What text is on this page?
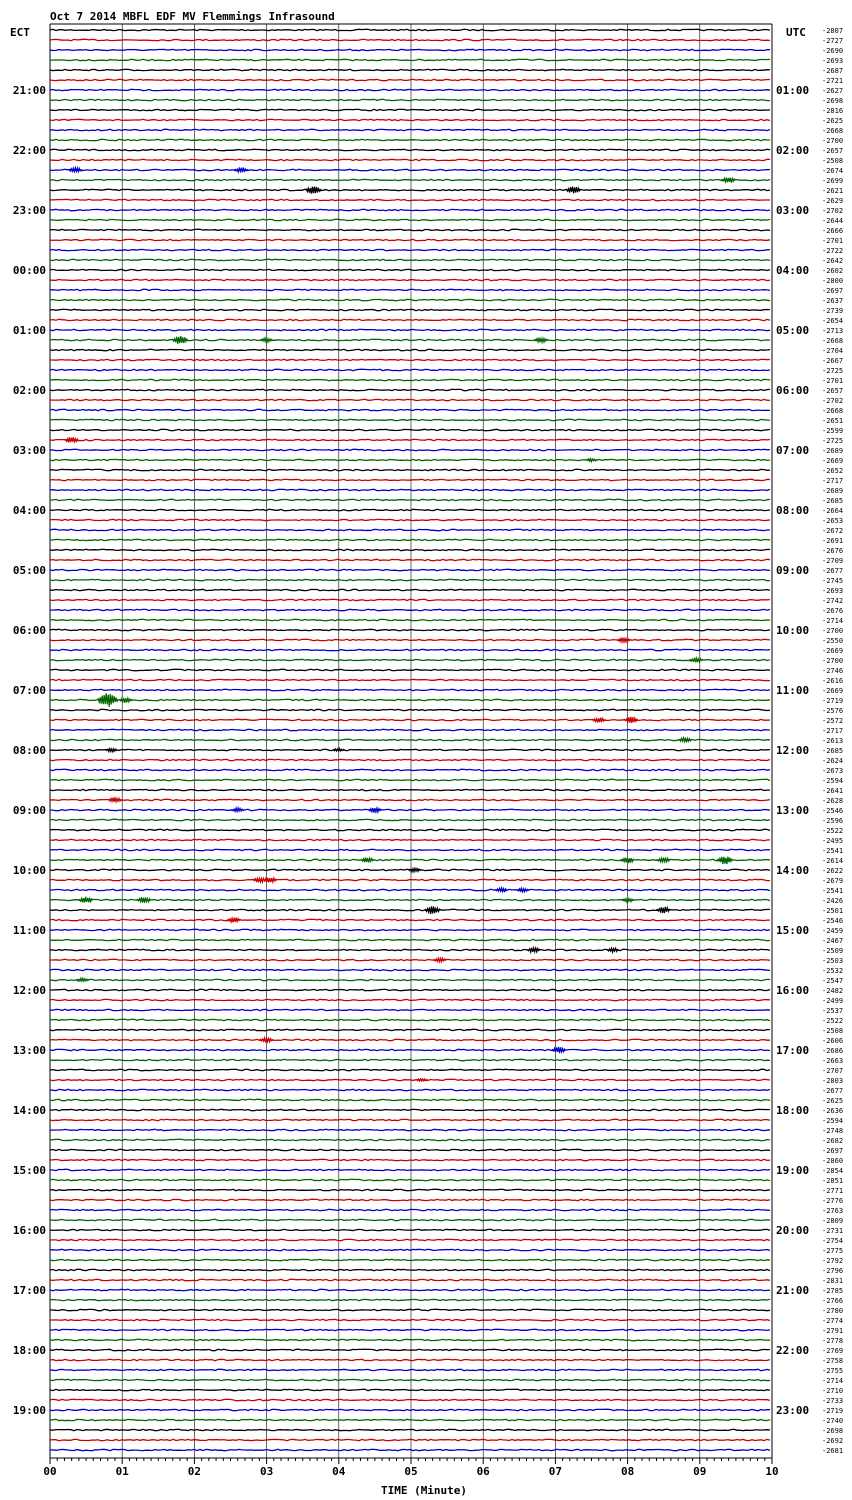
Oct 7 2014 MBFL EDF MV Flemmings Infrasound
ECT	UTC
21:00
22:00
23:00
00:00
01:00
02:00
03:00
04:00
05:00
06:00
07:00
08:00
09:00
10:00
11:00
12:00
13:00
14:00
15:00
16:00
17:00
18:00
19:00
01:00
02:00
03:00
04:00
05:00
06:00
07:00
08:00
09:00
10:00
11:00
12:00
13:00
14:00
15:00
16:00
17:00
18:00
19:00
20:00
21:00
22:00
23:00
-2807
-2727
-2690
-2693
-2687
-2721
-2627
-2698
-2816
-2625
-2668
-2700
-2657
-2508
-2674
-2699
-2621
-2629
-2702
-2644
-2666
-2701
-2722
-2642
-2602
-2800
-2697
-2637
-2739
-2654
-2713
-2668
-2704
-2667
-2725
-2701
-2657
-2702
-2668
-2651
-2599
-2725
-2689
-2669
-2652
-2717
-2689
-2685
-2664
-2653
-2672
-2691
-2676
-2709
-2677
-2745
-2693
-2742
-2676
-2714
-2700
-2550
-2669
-2700
-2746
-2616
-2669
-2719
-2576
-2572
-2717
-2613
-2685
-2624
-2673
-2594
-2641
-2628
-2546
-2596
-2522
-2495
-2541
-2614
-2622
-2679
-2541
-2426
-2501
-2546
-2459
-2467
-2509
-2503
-2532
-2547
-2482
-2499
-2537
-2522
-2508
-2606
-2686
-2663
-2707
-2803
-2677
-2625
-2636
-2594
-2748
-2682
-2697
-2860
-2854
-2851
-2771
-2776
-2763
-2809
-2731
-2754
-2775
-2792
-2796
-2831
-2785
-2766
-2780
-2774
-2791
-2778
-2769
-2758
-2755
-2714
-2710
-2733
-2719
-2740
-2698
-2692
-2681
00	01	02	03	04	05	06	07	08	09	10
TIME (Minute)
